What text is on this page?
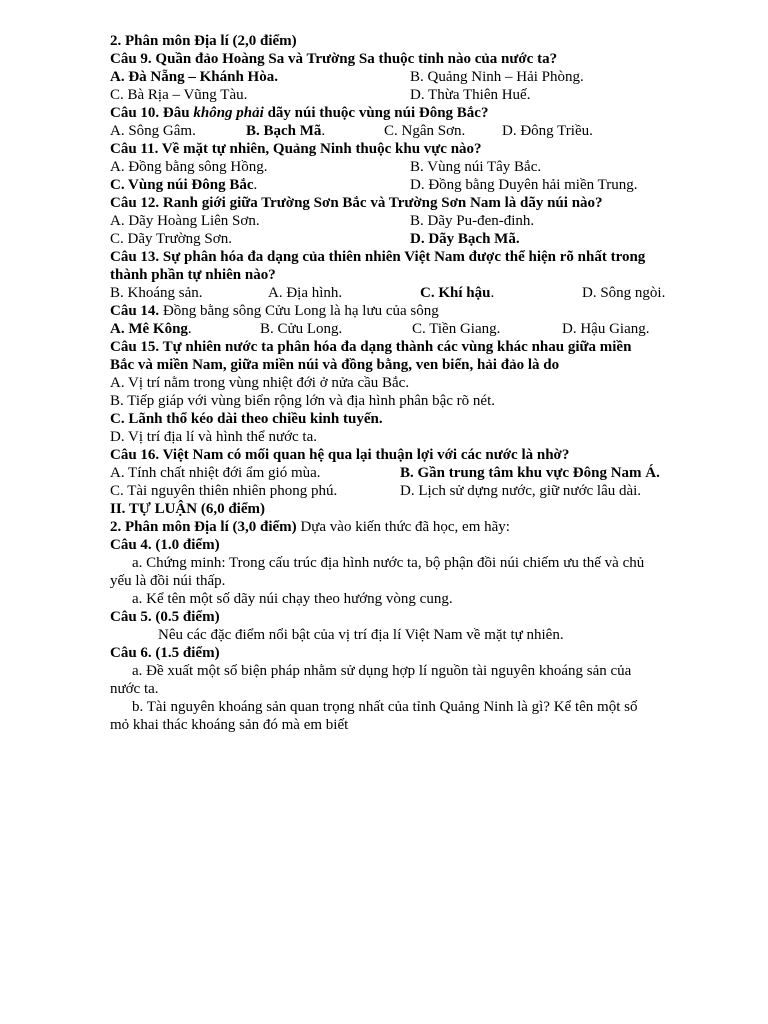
2. Phân môn Địa lí (2,0 điểm)
Câu 9. Quần đảo Hoàng Sa và Trường Sa thuộc tỉnh nào của nước ta?
A. Đà Nẵng – Khánh Hòa.	B. Quảng Ninh – Hải Phòng.
C. Bà Rịa – Vũng Tàu.	D. Thừa Thiên Huế.
Câu 10. Đâu không phải dãy núi thuộc vùng núi Đông Bắc?
A. Sông Gâm.	B. Bạch Mã.	C. Ngân Sơn. D. Đông Triều.
Câu 11. Về mặt tự nhiên, Quảng Ninh thuộc khu vực nào?
A. Đồng bằng sông Hồng.	B. Vùng núi Tây Bắc.
C. Vùng núi Đông Bắc.	D. Đồng bằng Duyên hải miền Trung.
Câu 12. Ranh giới giữa Trường Sơn Bắc và Trường Sơn Nam là dãy núi nào?
A. Dãy Hoàng Liên Sơn.	B. Dãy Pu-đen-đinh.
C. Dãy Trường Sơn.	D. Dãy Bạch Mã.
Câu 13. Sự phân hóa đa dạng của thiên nhiên Việt Nam được thể hiện rõ nhất trong
thành phần tự nhiên nào?
B. Khoáng sản.	A. Địa hình.	C. Khí hậu.	D. Sông ngòi.
Câu 14. Đồng bằng sông Cửu Long là hạ lưu của sông
A. Mê Kông.	B. Cửu Long.	C. Tiền Giang.	D. Hậu Giang.
Câu 15. Tự nhiên nước ta phân hóa đa dạng thành các vùng khác nhau giữa miền
Bắc và miền Nam, giữa miền núi và đồng bằng, ven biển, hải đảo là do
A. Vị trí nằm trong vùng nhiệt đới ở nửa cầu Bắc.
B. Tiếp giáp với vùng biển rộng lớn và địa hình phân bậc rõ nét.
C. Lãnh thổ kéo dài theo chiều kinh tuyến.
D. Vị trí địa lí và hình thể nước ta.
Câu 16. Việt Nam có mối quan hệ qua lại thuận lợi với các nước là nhờ?
A. Tính chất nhiệt đới ẩm gió mùa.	B. Gần trung tâm khu vực Đông Nam Á.
C. Tài nguyên thiên nhiên phong phú.	D. Lịch sử dựng nước, giữ nước lâu dài.
II. TỰ LUẬN (6,0 điểm)
2. Phân môn Địa lí (3,0 điểm) Dựa vào kiến thức đã học, em hãy:
Câu 4. (1.0 điểm)
a. Chứng minh: Trong cấu trúc địa hình nước ta, bộ phận đồi núi chiếm ưu thế và chủ
yếu là đồi núi thấp.
a. Kể tên một số dãy núi chạy theo hướng vòng cung.
Câu 5. (0.5 điểm)
Nêu các đặc điểm nổi bật của vị trí địa lí Việt Nam về mặt tự nhiên.
Câu 6. (1.5 điểm)
a. Đề xuất một số biện pháp nhằm sử dụng hợp lí nguồn tài nguyên khoáng sản của
nước ta.
b. Tài nguyên khoáng sản quan trọng nhất của tỉnh Quảng Ninh là gì? Kể tên một số
mỏ khai thác khoáng sản đó mà em biết
